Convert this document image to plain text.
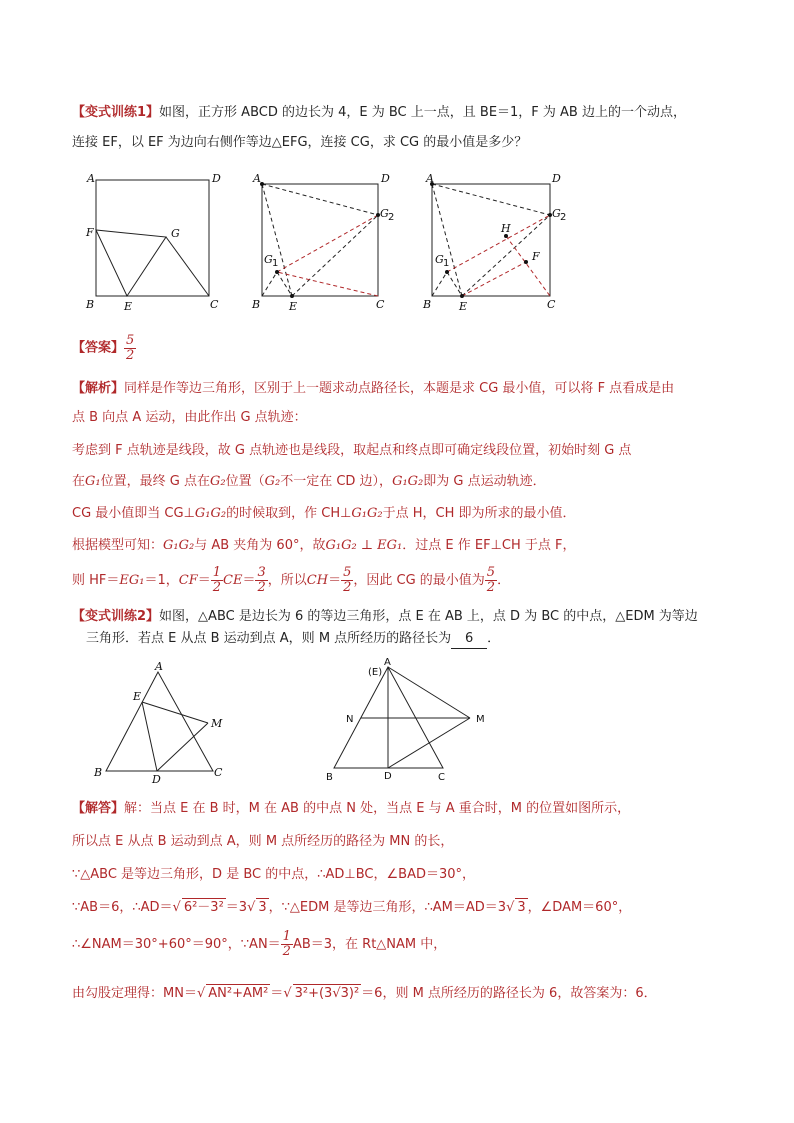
【变式训练1】如图，正方形 ABCD 的边长为 4，E 为 BC 上一点，且 BE＝1，F 为 AB 边上的一个动点，
连接 EF，以 EF 为边向右侧作等边△EFG，连接 CG，求 CG 的最小值是多少？
A	D
F	G
B	E	C
A	D
G 1
G 2
B	E	C
A	D
H
F
G 1
G 2
B	E	C
【答案】 $\frac{5}{2}$
【解析】同样是作等边三角形，区别于上一题求动点路径长，本题是求 CG 最小值，可以将 F 点看成是由
点 B 向点 A 运动，由此作出 G 点轨迹：
考虑到 F 点轨迹是线段，故 G 点轨迹也是线段，取起点和终点即可确定线段位置，初始时刻 G 点
在G₁位置，最终 G 点在G₂位置（G₂不一定在 CD 边），G₁G₂即为 G 点运动轨迹．
CG 最小值即当 CG⊥G₁G₂的时候取到，作 CH⊥G₁G₂于点 H，CH 即为所求的最小值．
根据模型可知：G₁G₂与 AB 夹角为 60°，故G₁G₂ ⊥ EG₁．过点 E 作 EF⊥CH 于点 F，
则 HF＝EG₁＝1，$CF= \frac{1}{2} CE= \frac{3}{2}$ ，所以$CH= \frac{5}{2}$ ，因此 CG 的最小值为 $\frac{5}{2}$ ．
【变式训练2】如图，△ABC 是边长为 6 的等边三角形，点 E 在 AB 上，点 D 为 BC 的中点，△EDM 为等边
三角形．若点 E 从点 B 运动到点 A，则 M 点所经历的路径长为 6 ．
A
E
M
B
D
C
A
(E)
N	M
B	D	C
【解答】解：当点 E 在 B 时，M 在 AB 的中点 N 处，当点 E 与 A 重合时，M 的位置如图所示，
所以点 E 从点 B 运动到点 A，则 M 点所经历的路径为 MN 的长，
∵△ABC 是等边三角形，D 是 BC 的中点，∴AD⊥BC，∠BAD＝30°，
∵AB＝6，∴AD＝√ 6²－3² ＝3√ 3 ，∵△EDM 是等边三角形，∴AM＝AD＝3√ 3 ，∠DAM＝60°，
∴∠NAM＝30°+60°＝90°，∵AN＝ $\frac{1}{2} AB=3$，在 Rt△NAM 中，
由勾股定理得：MN＝√ AN²+AM² ＝√ 3²+(3√3)² ＝6，则 M 点所经历的路径长为 6，故答案为：6．
